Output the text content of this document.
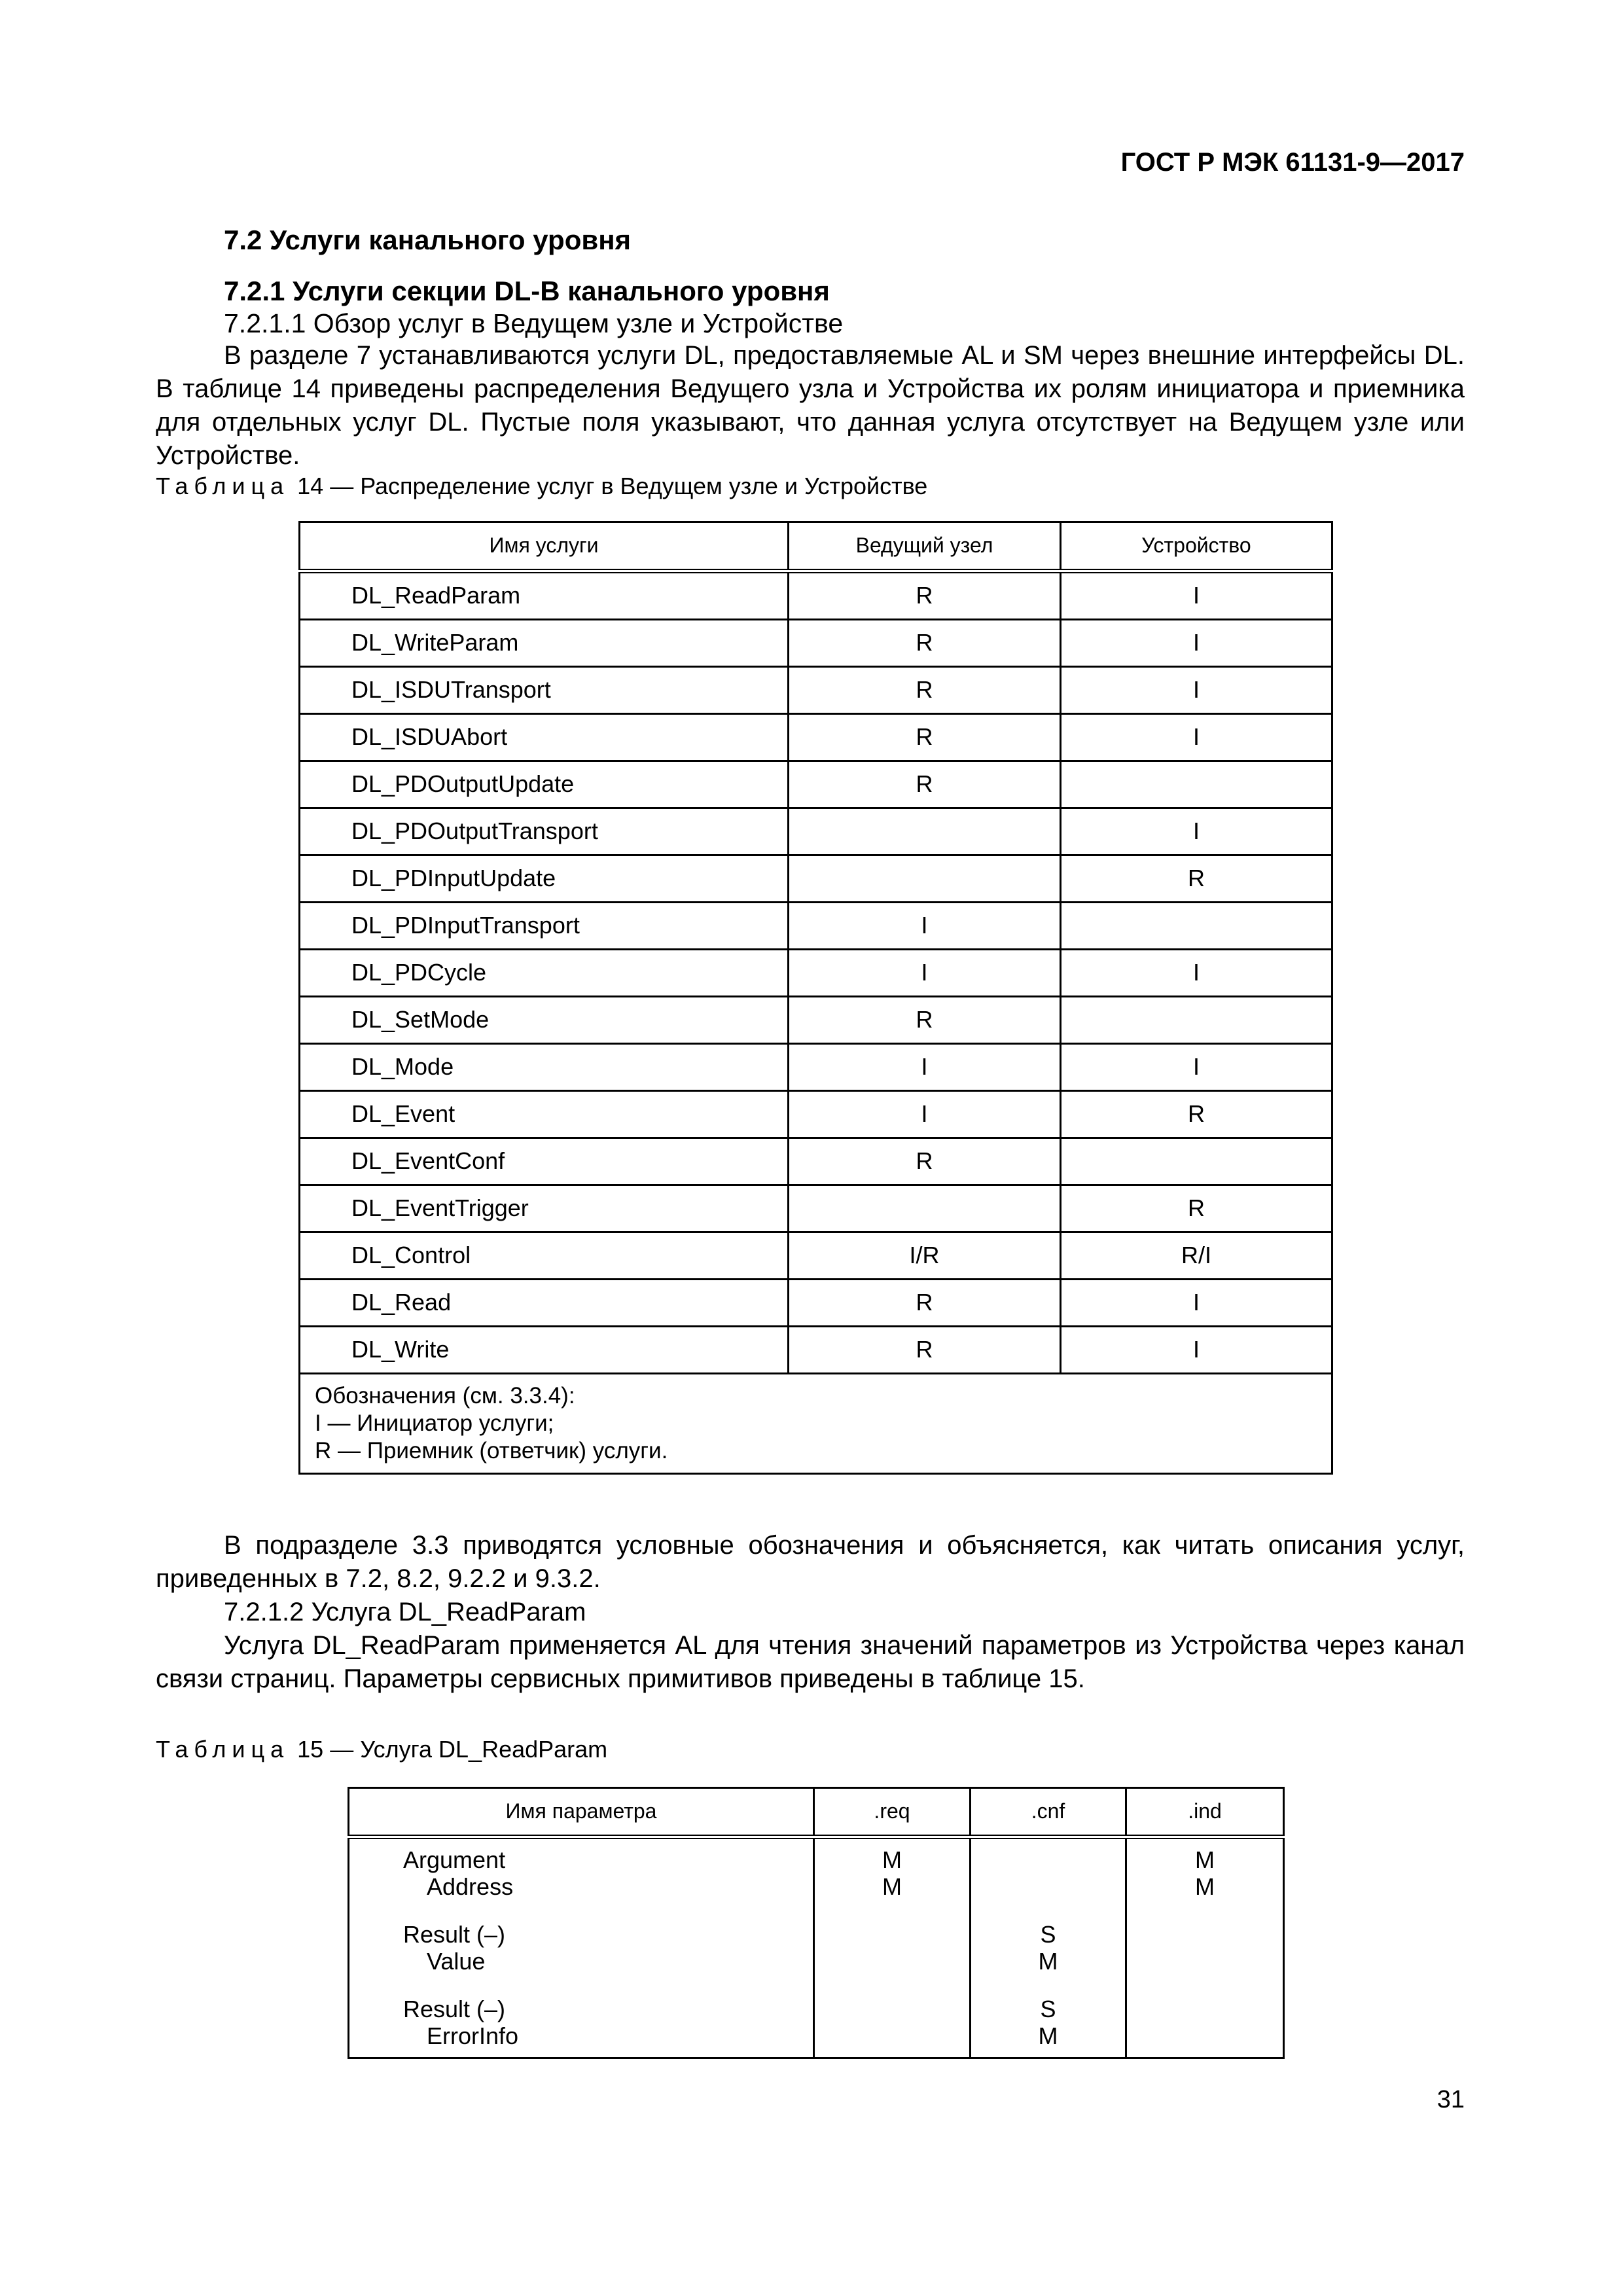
ГОСТ Р МЭК 61131-9—2017
7.2 Услуги канального уровня
7.2.1 Услуги секции DL-B канального уровня
7.2.1.1 Обзор услуг в Ведущем узле и Устройстве
В разделе 7 устанавливаются услуги DL, предоставляемые AL и SM через внешние интерфейсы DL. В таблице 14 приведены распределения Ведущего узла и Устройства их ролям инициатора и приемника для отдельных услуг DL. Пустые поля указывают, что данная услуга отсутствует на Ведущем узле или Устройстве.
Таблица 14 — Распределение услуг в Ведущем узле и Устройстве
Имя услуги	Ведущий узел	Устройство
DL_ReadParam	R	I
DL_WriteParam	R	I
DL_ISDUTransport	R	I
DL_ISDUAbort	R	I
DL_PDOutputUpdate	R	
DL_PDOutputTransport		I
DL_PDInputUpdate		R
DL_PDInputTransport	I	
DL_PDCycle	I	I
DL_SetMode	R	
DL_Mode	I	I
DL_Event	I	R
DL_EventConf	R	
DL_EventTrigger		R
DL_Control	I/R	R/I
DL_Read	R	I
DL_Write	R	I

Обозначения (см. 3.3.4):
I — Инициатор услуги;
R — Приемник (ответчик) услуги.		

В подразделе 3.3 приводятся условные обозначения и объясняется, как читать описания услуг, приведенных в 7.2, 8.2, 9.2.2 и 9.3.2.

7.2.1.2 Услуга DL_ReadParam

Услуга DL_ReadParam применяется AL для чтения значений параметров из Устройства через канал связи страниц. Параметры сервисных примитивов приведены в таблице 15.

Таблица 15 — Услуга DL_ReadParam
Имя параметра	.req	.cnf	.ind

Argument	M		M
Address	M		M

Result (–)		S	
Value		M	

Result (–)		S	
ErrorInfo		M	

31
